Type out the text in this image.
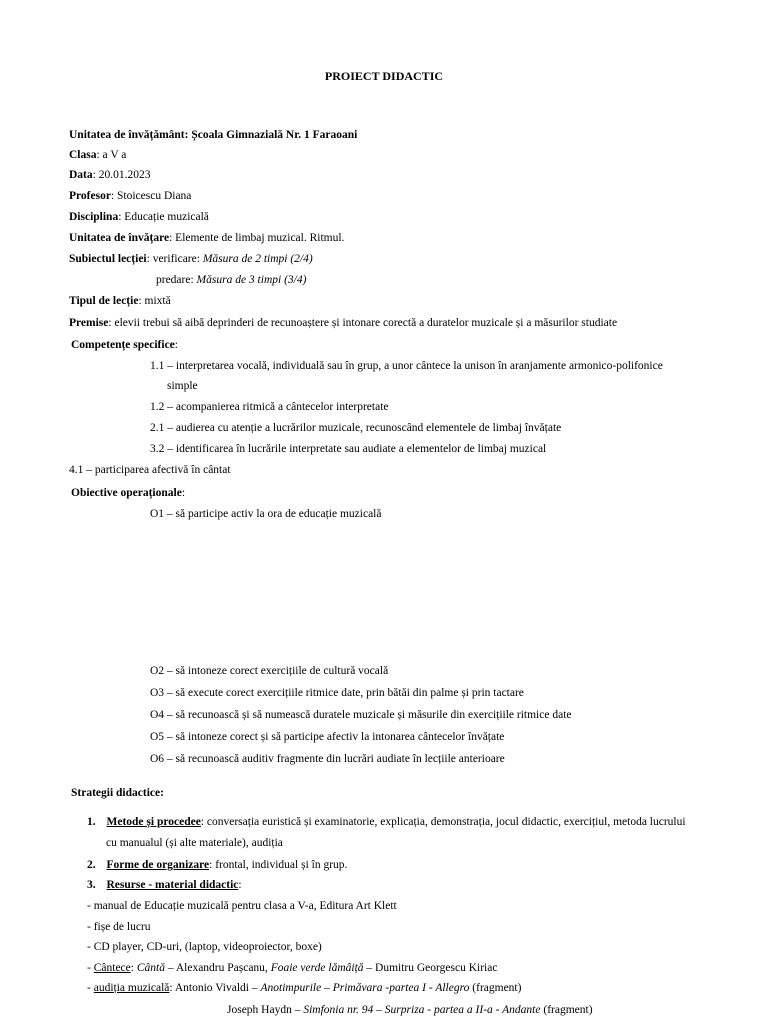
PROIECT DIDACTIC
Unitatea de învățământ: Școala Gimnazială Nr. 1 Faraoani
Clasa: a V a
Data: 20.01.2023
Profesor: Stoicescu Diana
Disciplina: Educație muzicală
Unitatea de învățare: Elemente de limbaj muzical. Ritmul.
Subiectul lecției: verificare: Măsura de 2 timpi (2/4)
predare: Măsura de 3 timpi (3/4)
Tipul de lecție: mixtă
Premise: elevii trebui să aibă deprinderi de recunoaștere și intonare corectă a duratelor muzicale și a măsurilor studiate
Competențe specifice:
1.1 – interpretarea vocală, individuală sau în grup, a unor cântece la unison în aranjamente armonico-polifonice
simple
1.2 – acompanierea ritmică a cântecelor interpretate
2.1 – audierea cu atenție a lucrărilor muzicale, recunoscând elementele de limbaj învățate
3.2 – identificarea în lucrările interpretate sau audiate a elementelor de limbaj muzical
4.1 – participarea afectivă în cântat
Obiective operaționale:
O1 – să participe activ la ora de educație muzicală
O2 – să intoneze corect exercițiile de cultură vocală
O3 – să execute corect exercițiile ritmice date, prin bătăi din palme și prin tactare
O4 – să recunoască și să numească duratele muzicale și măsurile din exercițiile ritmice date
O5 – să intoneze corect și să participe afectiv la intonarea cântecelor învățate
O6 – să recunoască auditiv fragmente din lucrări audiate în lecțiile anterioare
Strategii didactice:
1. Metode și procedee: conversația euristică și examinatorie, explicația, demonstrația, jocul didactic, exercițiul, metoda lucrului
cu manualul (și alte materiale), audiția
2. Forme de organizare: frontal, individual și în grup.
3. Resurse - material didactic:
- manual de Educație muzicală pentru clasa a V-a, Editura Art Klett
- fișe de lucru
- CD player, CD-uri, (laptop, videoproiector, boxe)
- Cântece: Cântă – Alexandru Pașcanu, Foaie verde lămâiță – Dumitru Georgescu Kiriac
- audiția muzicală: Antonio Vivaldi – Anotimpurile – Primăvara -partea I - Allegro (fragment)
Joseph Haydn – Simfonia nr. 94 – Surpriza - partea a II-a - Andante (fragment)
